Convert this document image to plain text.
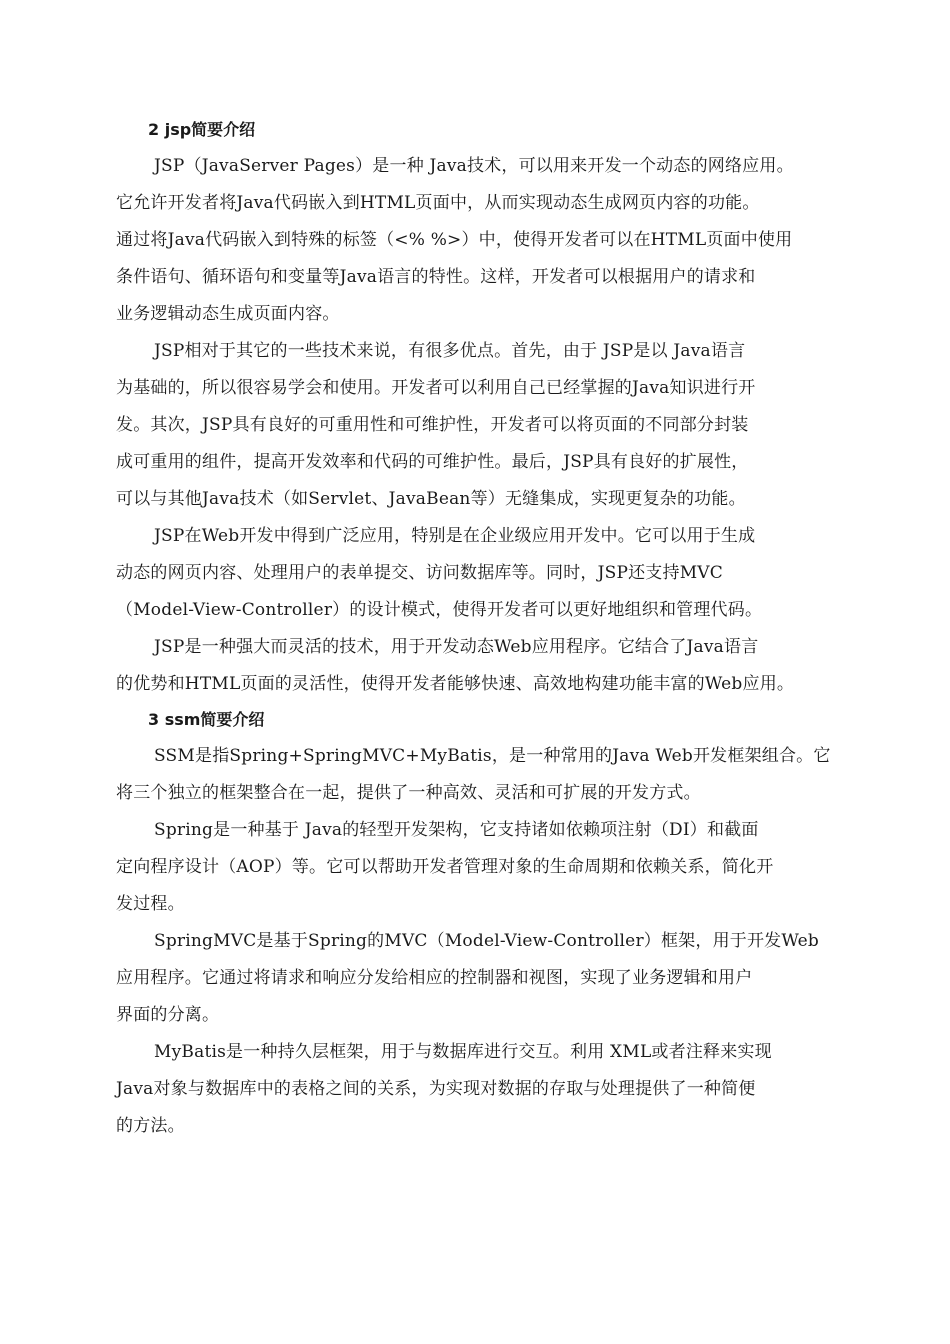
2 jsp简要介绍
JSP（JavaServer Pages）是一种 Java技术，可以用来开发一个动态的网络应用。
它允许开发者将Java代码嵌入到HTML页面中，从而实现动态生成网页内容的功能。
通过将Java代码嵌入到特殊的标签（<% %>）中，使得开发者可以在HTML页面中使用
条件语句、循环语句和变量等Java语言的特性。这样，开发者可以根据用户的请求和
业务逻辑动态生成页面内容。
JSP相对于其它的一些技术来说，有很多优点。首先，由于 JSP是以 Java语言
为基础的，所以很容易学会和使用。开发者可以利用自己已经掌握的Java知识进行开
发。其次，JSP具有良好的可重用性和可维护性，开发者可以将页面的不同部分封装
成可重用的组件，提高开发效率和代码的可维护性。最后，JSP具有良好的扩展性，
可以与其他Java技术（如Servlet、JavaBean等）无缝集成，实现更复杂的功能。
JSP在Web开发中得到广泛应用，特别是在企业级应用开发中。它可以用于生成
动态的网页内容、处理用户的表单提交、访问数据库等。同时，JSP还支持MVC
（Model-View-Controller）的设计模式，使得开发者可以更好地组织和管理代码。
JSP是一种强大而灵活的技术，用于开发动态Web应用程序。它结合了Java语言
的优势和HTML页面的灵活性，使得开发者能够快速、高效地构建功能丰富的Web应用。
3 ssm简要介绍
SSM是指Spring+SpringMVC+MyBatis，是一种常用的Java Web开发框架组合。它
将三个独立的框架整合在一起，提供了一种高效、灵活和可扩展的开发方式。
Spring是一种基于 Java的轻型开发架构，它支持诸如依赖项注射（DI）和截面
定向程序设计（AOP）等。它可以帮助开发者管理对象的生命周期和依赖关系，简化开
发过程。
SpringMVC是基于Spring的MVC（Model-View-Controller）框架，用于开发Web
应用程序。它通过将请求和响应分发给相应的控制器和视图，实现了业务逻辑和用户
界面的分离。
MyBatis是一种持久层框架，用于与数据库进行交互。利用 XML或者注释来实现
Java对象与数据库中的表格之间的关系，为实现对数据的存取与处理提供了一种简便
的方法。
